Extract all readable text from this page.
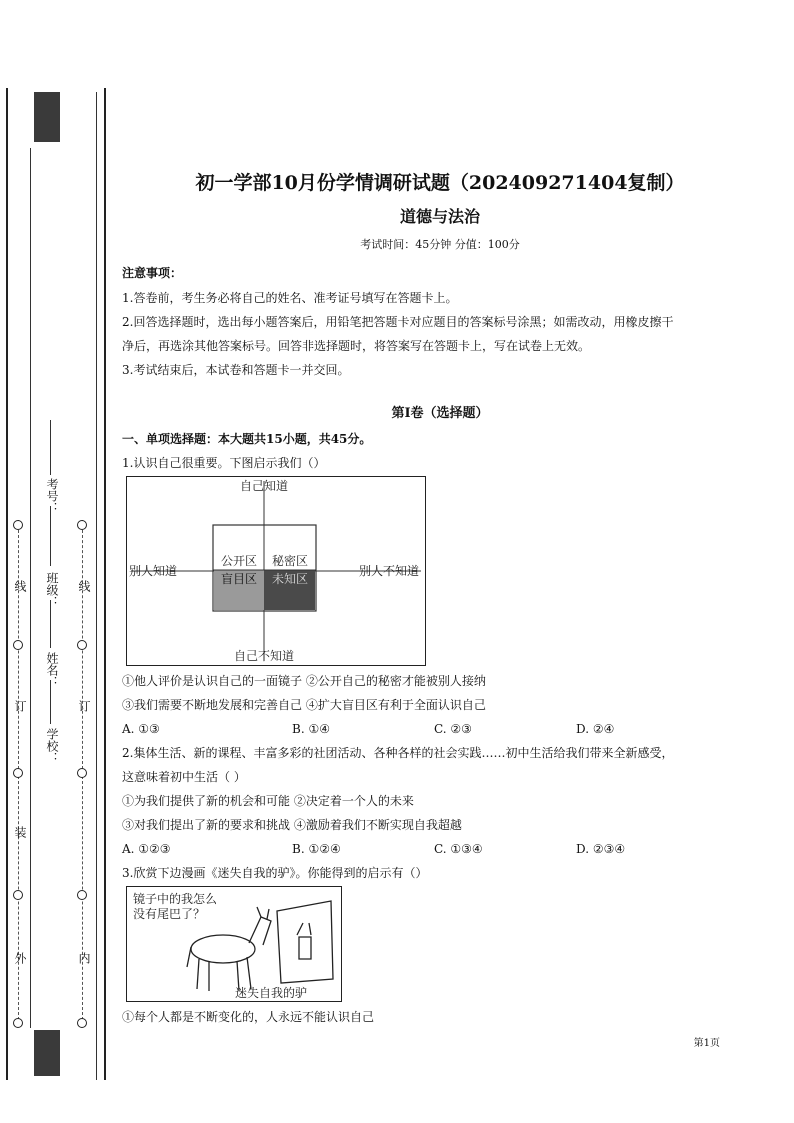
线
订
装
外
线
订
内
考号：
班级：
姓名：
学校：
初一学部10月份学情调研试题（202409271404复制）
道德与法治
考试时间：45分钟 分值：100分
注意事项：
1.答卷前，考生务必将自己的姓名、准考证号填写在答题卡上。
2.回答选择题时，选出每小题答案后，用铅笔把答题卡对应题目的答案标号涂黑；如需改动，用橡皮擦干
净后，再选涂其他答案标号。回答非选择题时，将答案写在答题卡上，写在试卷上无效。
3.考试结束后，本试卷和答题卡一并交回。
第Ⅰ卷（选择题）
一、单项选择题：本大题共15小题，共45分。
1.认识自己很重要。下图启示我们（）
自己知道
自己不知道
别人知道	别人不知道
公开区 秘密区
盲目区 未知区
①他人评价是认识自己的一面镜子 ②公开自己的秘密才能被别人接纳
③我们需要不断地发展和完善自己 ④扩大盲目区有利于全面认识自己
A. ①③	B. ①④	C. ②③	D. ②④
2.集体生活、新的课程、丰富多彩的社团活动、各种各样的社会实践……初中生活给我们带来全新感受，
这意味着初中生活（ ）
①为我们提供了新的机会和可能 ②决定着一个人的未来
③对我们提出了新的要求和挑战 ④激励着我们不断实现自我超越
A. ①②③	B. ①②④	C. ①③④	D. ②③④
3.欣赏下边漫画《迷失自我的驴》。你能得到的启示有（）
镜子中的我怎么
没有尾巴了？
迷失自我的驴
①每个人都是不断变化的，人永远不能认识自己
第1页
